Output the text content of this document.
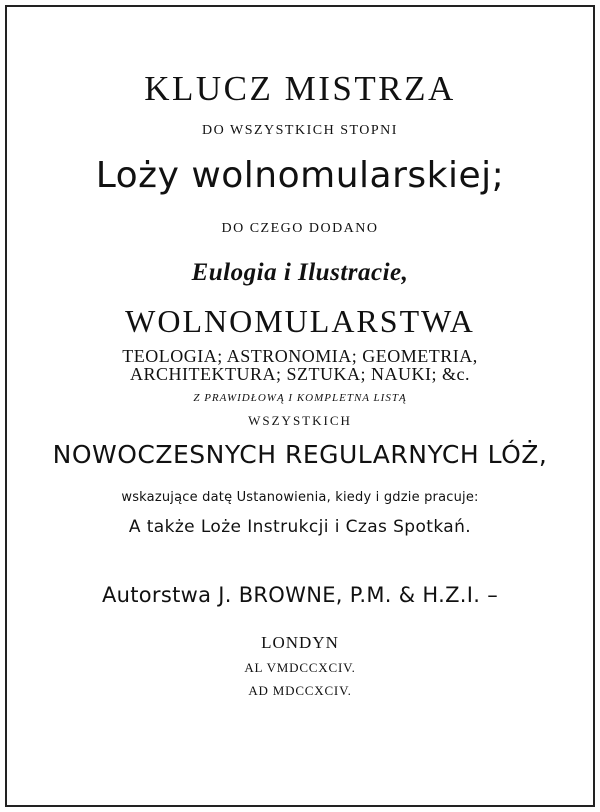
KLUCZ MISTRZA
DO WSZYSTKICH STOPNI
Loży wolnomularskiej;
DO CZEGO DODANO
Eulogia i Ilustracie,
WOLNOMULARSTWA
TEOLOGIA; ASTRONOMIA; GEOMETRIA,
ARCHITEKTURA; SZTUKA; NAUKI; &c.
Z PRAWIDŁOWĄ I KOMPLETNA LISTĄ
WSZYSTKICH
NOWOCZESNYCH REGULARNYCH LÓŻ,
wskazujące datę Ustanowienia, kiedy i gdzie pracuje:
A także Loże Instrukcji i Czas Spotkań.
Autorstwa J. BROWNE, P.M. & H.Z.I. –
LONDYN
AL VMDCCXCIV.
AD MDCCXCIV.
